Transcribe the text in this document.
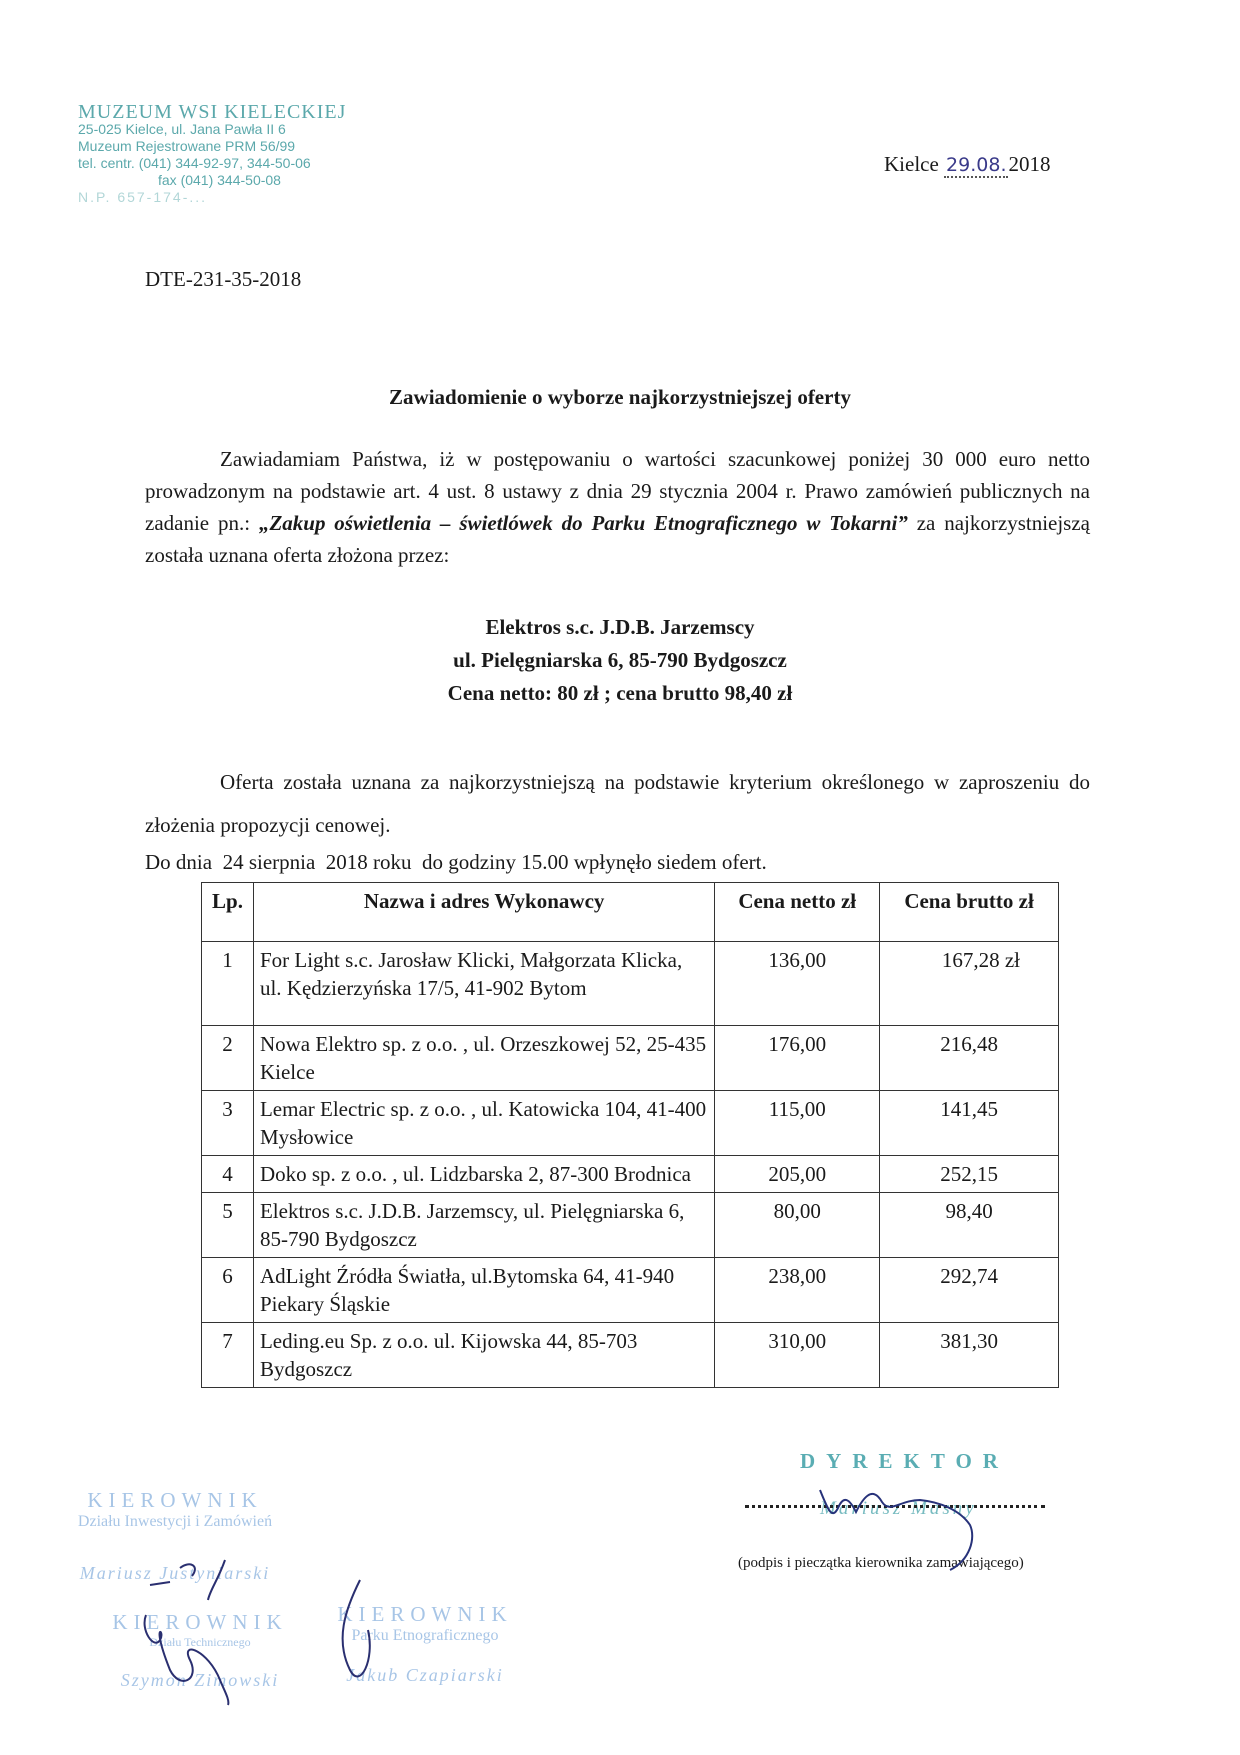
MUZEUM WSI KIELECKIEJ
25-025 Kielce, ul. Jana Pawła II 6
Muzeum Rejestrowane PRM 56/99
tel. centr. (041) 344-92-97, 344-50-06
fax (041) 344-50-08
N.P. 657-174-...
Kielce 29.08.2018
DTE-231-35-2018
Zawiadomienie o wyborze najkorzystniejszej oferty
Zawiadamiam Państwa, iż w postępowaniu o wartości szacunkowej poniżej 30 000 euro netto prowadzonym na podstawie art. 4 ust. 8 ustawy z dnia 29 stycznia 2004 r. Prawo zamówień publicznych na zadanie pn.: „Zakup oświetlenia – świetlówek do Parku Etnograficznego w Tokarni” za najkorzystniejszą została uznana oferta złożona przez:
Elektros s.c. J.D.B. Jarzemscy
ul. Pielęgniarska 6, 85-790 Bydgoszcz
Cena netto: 80 zł ; cena brutto 98,40 zł
Oferta została uznana za najkorzystniejszą na podstawie kryterium określonego w zaproszeniu do złożenia propozycji cenowej.
Do dnia  24 sierpnia  2018 roku  do godziny 15.00 wpłynęło siedem ofert.
Lp.	Nazwa i adres Wykonawcy	Cena netto zł	Cena brutto zł
1	For Light s.c. Jarosław Klicki, Małgorzata Klicka, ul. Kędzierzyńska 17/5, 41-902 Bytom	136,00	167,28 zł
2	Nowa Elektro sp. z o.o. , ul. Orzeszkowej 52, 25-435 Kielce	176,00	216,48
3	Lemar Electric sp. z o.o. , ul. Katowicka 104, 41-400 Mysłowice	115,00	141,45
4	Doko sp. z o.o. , ul. Lidzbarska 2, 87-300 Brodnica	205,00	252,15
5	Elektros s.c. J.D.B. Jarzemscy, ul. Pielęgniarska 6, 85-790 Bydgoszcz	80,00	98,40
6	AdLight Źródła Światła, ul.Bytomska 64, 41-940 Piekary Śląskie	238,00	292,74
7	Leding.eu Sp. z o.o. ul. Kijowska 44, 85-703 Bydgoszcz	310,00	381,30
DYREKTOR
Mariusz Masny
(podpis i pieczątka kierownika zamawiającego)
KIEROWNIK
Działu Inwestycji i Zamówień
Mariusz Justyniarski
KIEROWNIK
Działu Technicznego
Szymon Zimowski
KIEROWNIK
Parku Etnograficznego
Jakub Czapiarski
